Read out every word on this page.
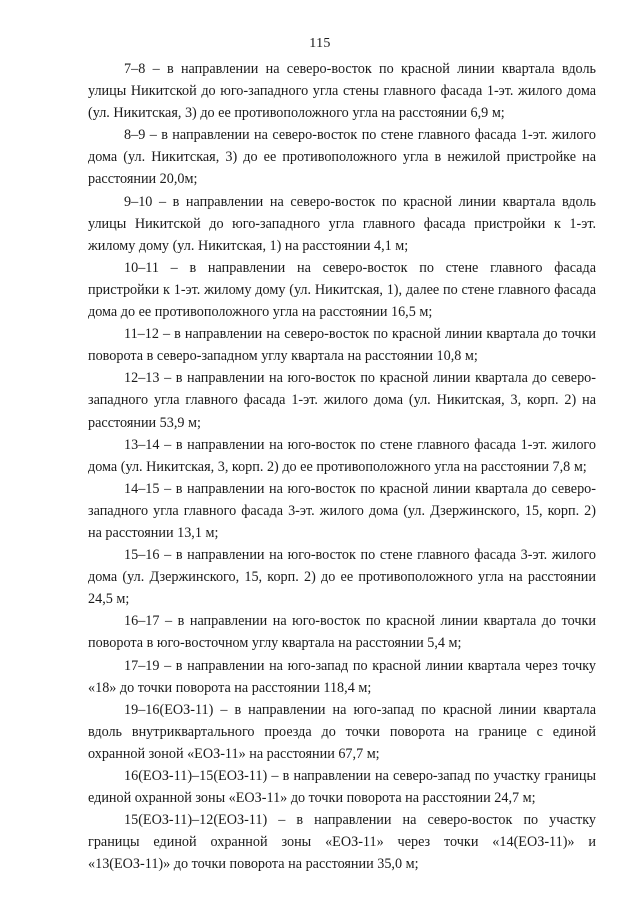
115

7–8 – в направлении на северо-восток по красной линии квартала вдоль улицы Никитской до юго-западного угла стены главного фасада 1-эт. жилого дома (ул. Никитская, 3) до ее противоположного угла на расстоянии 6,9 м;

8–9 – в направлении на северо-восток по стене главного фасада 1-эт. жилого дома (ул. Никитская, 3) до ее противоположного угла в нежилой пристройке на расстоянии 20,0м;

9–10 – в направлении на северо-восток по красной линии квартала вдоль улицы Никитской до юго-западного угла главного фасада пристройки к 1-эт. жилому дому (ул. Никитская, 1) на расстоянии 4,1 м;

10–11 – в направлении на северо-восток по стене главного фасада пристройки к 1-эт. жилому дому (ул. Никитская, 1), далее по стене главного фасада дома до ее противоположного угла на расстоянии 16,5 м;

11–12 – в направлении на северо-восток по красной линии квартала до точки поворота в северо-западном углу квартала на расстоянии 10,8 м;

12–13 – в направлении на юго-восток по красной линии квартала до северо-западного угла главного фасада 1-эт. жилого дома (ул. Никитская, 3, корп. 2) на расстоянии 53,9 м;

13–14 – в направлении на юго-восток по стене главного фасада 1-эт. жилого дома (ул. Никитская, 3, корп. 2) до ее противоположного угла на расстоянии 7,8 м;

14–15 – в направлении на юго-восток по красной линии квартала до северо-западного угла главного фасада 3-эт. жилого дома (ул. Дзержинского, 15, корп. 2) на расстоянии 13,1 м;

15–16 – в направлении на юго-восток по стене главного фасада 3-эт. жилого дома (ул. Дзержинского, 15, корп. 2) до ее противоположного угла на расстоянии 24,5 м;

16–17 – в направлении на юго-восток по красной линии квартала до точки поворота в юго-восточном углу квартала на расстоянии 5,4 м;

17–19 – в направлении на юго-запад по красной линии квартала через точку «18» до точки поворота на расстоянии 118,4 м;

19–16(ЕОЗ-11) – в направлении на юго-запад по красной линии квартала вдоль внутриквартального проезда до точки поворота на границе с единой охранной зоной «ЕОЗ-11» на расстоянии 67,7 м;

16(ЕОЗ-11)–15(ЕОЗ-11) – в направлении на северо-запад по участку границы единой охранной зоны «ЕОЗ-11» до точки поворота на расстоянии 24,7 м;

15(ЕОЗ-11)–12(ЕОЗ-11) – в направлении на северо-восток по участку границы единой охранной зоны «ЕОЗ-11» через точки «14(ЕОЗ-11)» и «13(ЕОЗ-11)» до точки поворота на расстоянии 35,0 м;
